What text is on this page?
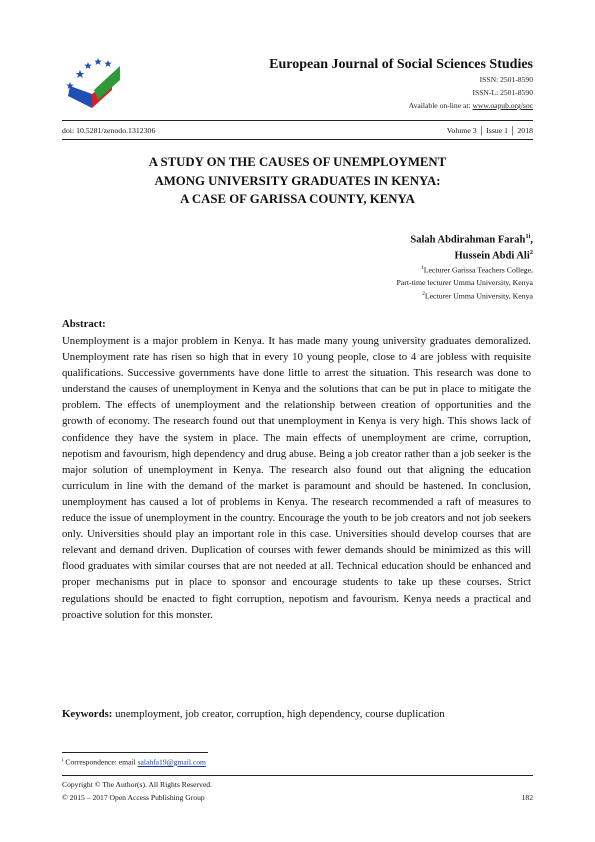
European Journal of Social Sciences Studies
ISSN: 2501-8590
ISSN-L: 2501-8590
Available on-line at: www.oapub.org/soc
doi: 10.5281/zenodo.1312306	Volume 3 │ Issue 1 │ 2018
A STUDY ON THE CAUSES OF UNEMPLOYMENT
AMONG UNIVERSITY GRADUATES IN KENYA:
A CASE OF GARISSA COUNTY, KENYA
Salah Abdirahman Farah$^{1i}$,
Hussein Abdi Ali$^2$
$^1$Lecturer Garissa Teachers College,
Part-time lecturer Umma University, Kenya
$^2$Lecturer Umma University, Kenya
Abstract:
Unemployment is a major problem in Kenya. It has made many young university graduates demoralized. Unemployment rate has risen so high that in every 10 young people, close to 4 are jobless with requisite qualifications. Successive governments have done little to arrest the situation. This research was done to understand the causes of unemployment in Kenya and the solutions that can be put in place to mitigate the problem. The effects of unemployment and the relationship between creation of opportunities and the growth of economy. The research found out that unemployment in Kenya is very high. This shows lack of confidence they have the system in place. The main effects of unemployment are crime, corruption, nepotism and favourism, high dependency and drug abuse. Being a job creator rather than a job seeker is the major solution of unemployment in Kenya. The research also found out that aligning the education curriculum in line with the demand of the market is paramount and should be hastened. In conclusion, unemployment has caused a lot of problems in Kenya. The research recommended a raft of measures to reduce the issue of unemployment in the country. Encourage the youth to be job creators and not job seekers only. Universities should play an important role in this case. Universities should develop courses that are relevant and demand driven. Duplication of courses with fewer demands should be minimized as this will flood graduates with similar courses that are not needed at all. Technical education should be enhanced and proper mechanisms put in place to sponsor and encourage students to take up these courses. Strict regulations should be enacted to fight corruption, nepotism and favourism. Kenya needs a practical and proactive solution for this monster.
Keywords: unemployment, job creator, corruption, high dependency, course duplication
$^i$ Correspondence: email salahfa19@gmail.com
Copyright © The Author(s). All Rights Reserved.
© 2015 – 2017 Open Access Publishing Group	182
